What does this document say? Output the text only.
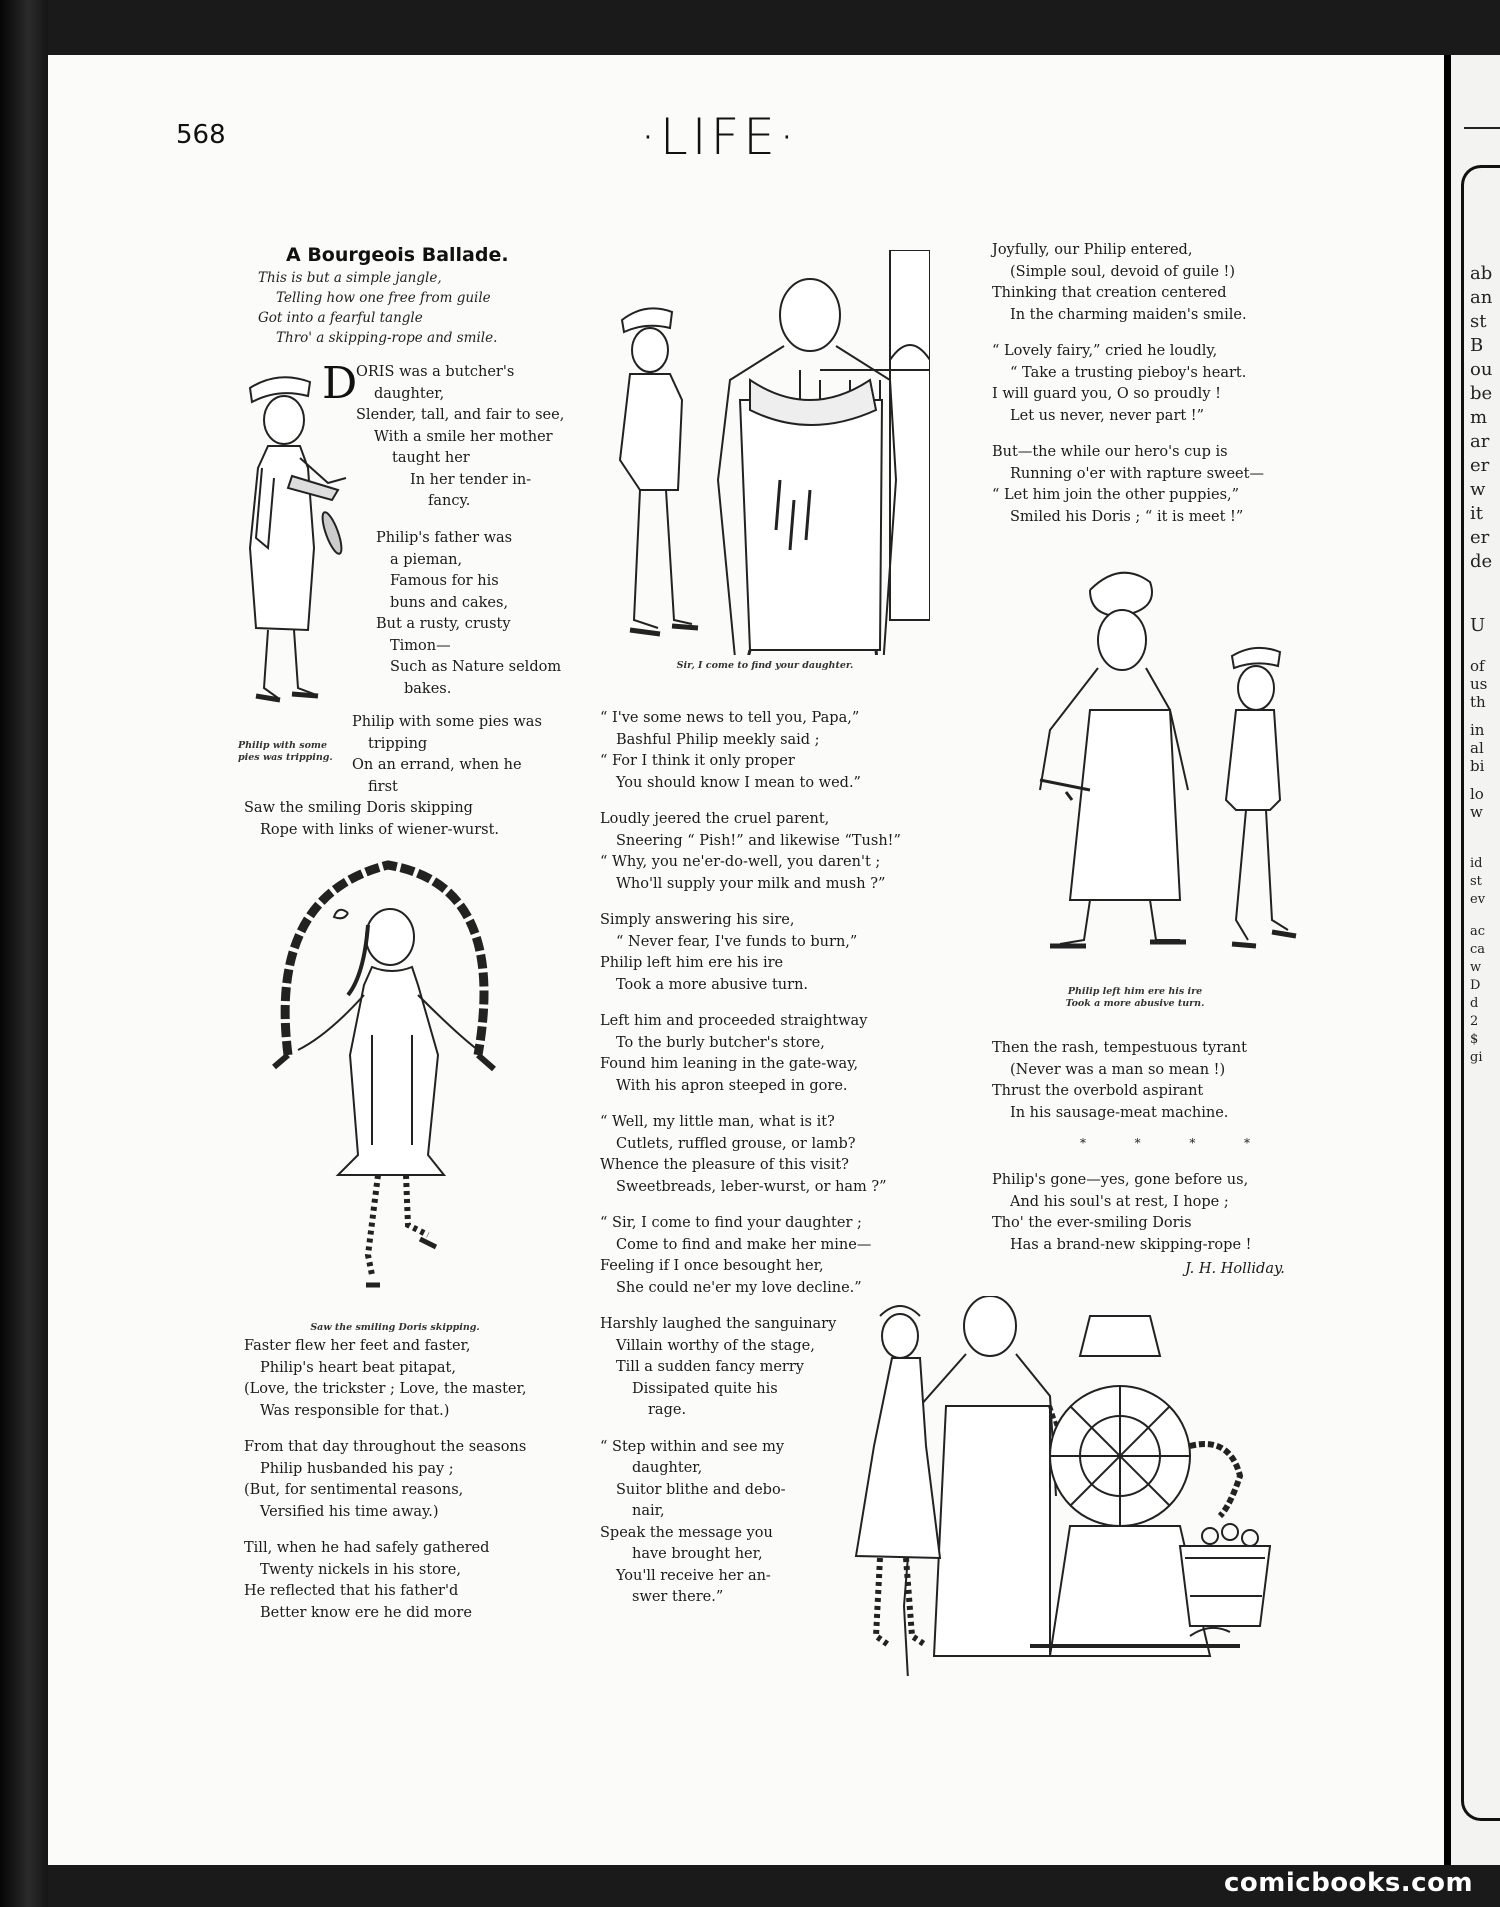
ab
an
st
B
ou
be
m
ar
er
w
it
er
de
U
of
us
th
in
al
bi
lo
w
id
st
ev
ac
ca
w
D
d
2
$
gi
568	·LIFE·
A Bourgeois Ballade.
This is but a simple jangle,
Telling how one free from guile
Got into a fearful tangle
Thro' a skipping-rope and smile.
D
ORIS was a butcher's
daughter,
Slender, tall, and fair to see,
With a smile her mother
taught her
In her tender in-
fancy.
Philip's father was
a pieman,
Famous for his
buns and cakes,
But a rusty, crusty
Timon—
Such as Nature seldom
bakes.
Philip with some pies was
tripping
On an errand, when he
first
Saw the smiling Doris skipping
Rope with links of wiener-wurst.
Faster flew her feet and faster,
Philip's heart beat pitapat,
(Love, the trickster ; Love, the master,
Was responsible for that.)
From that day throughout the seasons
Philip husbanded his pay ;
(But, for sentimental reasons,
Versified his time away.)
Till, when he had safely gathered
Twenty nickels in his store,
He reflected that his father'd
Better know ere he did more
“ I've some news to tell you, Papa,”
Bashful Philip meekly said ;
“ For I think it only proper
You should know I mean to wed.”
Loudly jeered the cruel parent,
Sneering “ Pish!” and likewise “Tush!”
“ Why, you ne'er-do-well, you daren't ;
Who'll supply your milk and mush ?”
Simply answering his sire,
“ Never fear, I've funds to burn,”
Philip left him ere his ire
Took a more abusive turn.
Left him and proceeded straightway
To the burly butcher's store,
Found him leaning in the gate-way,
With his apron steeped in gore.
“ Well, my little man, what is it?
Cutlets, ruffled grouse, or lamb?
Whence the pleasure of this visit?
Sweetbreads, leber-wurst, or ham ?”
“ Sir, I come to find your daughter ;
Come to find and make her mine—
Feeling if I once besought her,
She could ne'er my love decline.”
Harshly laughed the sanguinary
Villain worthy of the stage,
Till a sudden fancy merry
Dissipated quite his
rage.
“ Step within and see my
daughter,
Suitor blithe and debo-
nair,
Speak the message you
have brought her,
You'll receive her an-
swer there.”
Joyfully, our Philip entered,
(Simple soul, devoid of guile !)
Thinking that creation centered
In the charming maiden's smile.
“ Lovely fairy,” cried he loudly,
“ Take a trusting pieboy's heart.
I will guard you, O so proudly !
Let us never, never part !”
But—the while our hero's cup is
Running o'er with rapture sweet—
“ Let him join the other puppies,”
Smiled his Doris ; “ it is meet !”
Then the rash, tempestuous tyrant
(Never was a man so mean !)
Thrust the overbold aspirant
In his sausage-meat machine.
*	*	*	*
Philip's gone—yes, gone before us,
And his soul's at rest, I hope ;
Tho' the ever-smiling Doris
Has a brand-new skipping-rope !
J. H. Holliday.
Philip with some
pies was tripping.
Saw the smiling Doris skipping.
Sir, I come to find your daughter.
Philip left him ere his ire
Took a more abusive turn.
comicbooks.com
